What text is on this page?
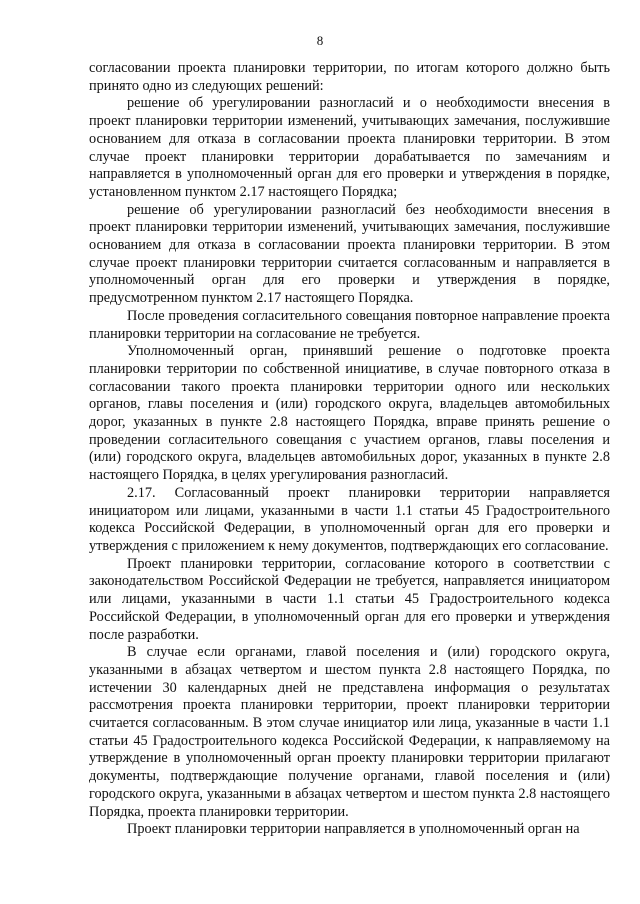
8

согласовании проекта планировки территории, по итогам которого должно быть принято одно из следующих решений:

решение об урегулировании разногласий и о необходимости внесения в проект планировки территории изменений, учитывающих замечания, послужившие основанием для отказа в согласовании проекта планировки территории. В этом случае проект планировки территории дорабатывается по замечаниям и направляется в уполномоченный орган для его проверки и утверждения в порядке, установленном пунктом 2.17 настоящего Порядка;

решение об урегулировании разногласий без необходимости внесения в проект планировки территории изменений, учитывающих замечания, послужившие основанием для отказа в согласовании проекта планировки территории. В этом случае проект планировки территории считается согласованным и направляется в уполномоченный орган для его проверки и утверждения в порядке, предусмотренном пунктом 2.17 настоящего Порядка.

После проведения согласительного совещания повторное направление проекта планировки территории на согласование не требуется.

Уполномоченный орган, принявший решение о подготовке проекта планировки территории по собственной инициативе, в случае повторного отказа в согласовании такого проекта планировки территории одного или нескольких органов, главы поселения и (или) городского округа, владельцев автомобильных дорог, указанных в пункте 2.8 настоящего Порядка, вправе принять решение о проведении согласительного совещания с участием органов, главы поселения и (или) городского округа, владельцев автомобильных дорог, указанных в пункте 2.8 настоящего Порядка, в целях урегулирования разногласий.

2.17. Согласованный проект планировки территории направляется инициатором или лицами, указанными в части 1.1 статьи 45 Градостроительного кодекса Российской Федерации, в уполномоченный орган для его проверки и утверждения с приложением к нему документов, подтверждающих его согласование.

Проект планировки территории, согласование которого в соответствии с законодательством Российской Федерации не требуется, направляется инициатором или лицами, указанными в части 1.1 статьи 45 Градостроительного кодекса Российской Федерации, в уполномоченный орган для его проверки и утверждения после разработки.

В случае если органами, главой поселения и (или) городского округа, указанными в абзацах четвертом и шестом пункта 2.8 настоящего Порядка, по истечении 30 календарных дней не представлена информация о результатах рассмотрения проекта планировки территории, проект планировки территории считается согласованным. В этом случае инициатор или лица, указанные в части 1.1 статьи 45 Градостроительного кодекса Российской Федерации, к направляемому на утверждение в уполномоченный орган проекту планировки территории прилагают документы, подтверждающие получение органами, главой поселения и (или) городского округа, указанными в абзацах четвертом и шестом пункта 2.8 настоящего Порядка, проекта планировки территории.

Проект планировки территории направляется в уполномоченный орган на
